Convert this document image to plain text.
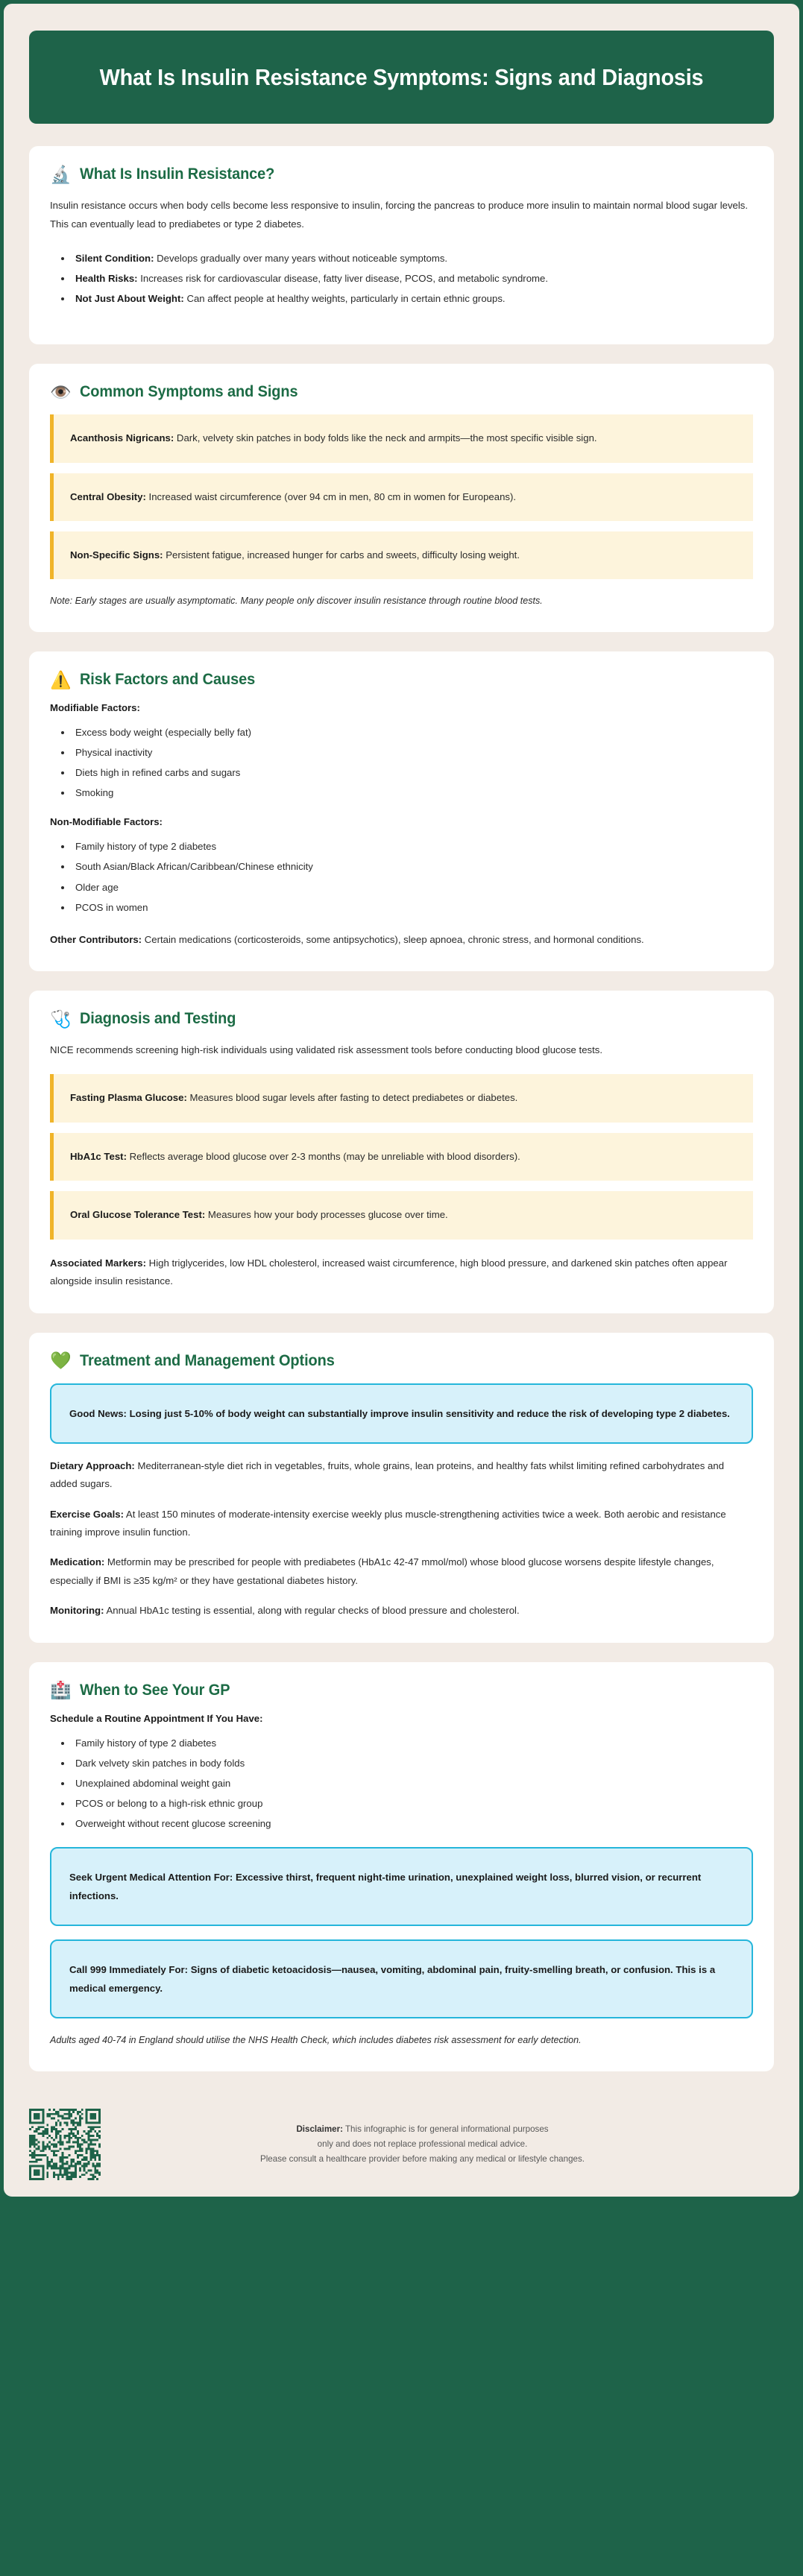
What Is Insulin Resistance Symptoms: Signs and Diagnosis
🔬 What Is Insulin Resistance?

Insulin resistance occurs when body cells become less responsive to insulin, forcing the pancreas to produce more insulin to maintain normal blood sugar levels. This can eventually lead to prediabetes or type 2 diabetes.

• Silent Condition: Develops gradually over many years without noticeable symptoms.
• Health Risks: Increases risk for cardiovascular disease, fatty liver disease, PCOS, and metabolic syndrome.
• Not Just About Weight: Can affect people at healthy weights, particularly in certain ethnic groups.
👁️ Common Symptoms and Signs

Acanthosis Nigricans: Dark, velvety skin patches in body folds like the neck and armpits—the most specific visible sign.

Central Obesity: Increased waist circumference (over 94 cm in men, 80 cm in women for Europeans).

Non-Specific Signs: Persistent fatigue, increased hunger for carbs and sweets, difficulty losing weight.

Note: Early stages are usually asymptomatic. Many people only discover insulin resistance through routine blood tests.

⚠️ Risk Factors and Causes

Modifiable Factors:

• Excess body weight (especially belly fat)
• Physical inactivity
• Diets high in refined carbs and sugars
• Smoking

Non-Modifiable Factors:

• Family history of type 2 diabetes
• South Asian/Black African/Caribbean/Chinese ethnicity
• Older age
• PCOS in women

Other Contributors: Certain medications (corticosteroids, some antipsychotics), sleep apnoea, chronic stress, and hormonal conditions.

🩺 Diagnosis and Testing

NICE recommends screening high-risk individuals using validated risk assessment tools before conducting blood glucose tests.

Fasting Plasma Glucose: Measures blood sugar levels after fasting to detect prediabetes or diabetes.

HbA1c Test: Reflects average blood glucose over 2-3 months (may be unreliable with blood disorders).

Oral Glucose Tolerance Test: Measures how your body processes glucose over time.

Associated Markers: High triglycerides, low HDL cholesterol, increased waist circumference, high blood pressure, and darkened skin patches often appear alongside insulin resistance.

💚 Treatment and Management Options

Good News: Losing just 5-10% of body weight can substantially improve insulin sensitivity and reduce the risk of developing type 2 diabetes.

Dietary Approach: Mediterranean-style diet rich in vegetables, fruits, whole grains, lean proteins, and healthy fats whilst limiting refined carbohydrates and added sugars.

Exercise Goals: At least 150 minutes of moderate-intensity exercise weekly plus muscle-strengthening activities twice a week. Both aerobic and resistance training improve insulin function.

Medication: Metformin may be prescribed for people with prediabetes (HbA1c 42-47 mmol/mol) whose blood glucose worsens despite lifestyle changes, especially if BMI is ≥35 kg/m² or they have gestational diabetes history.

Monitoring: Annual HbA1c testing is essential, along with regular checks of blood pressure and cholesterol.

🏥 When to See Your GP

Schedule a Routine Appointment If You Have:

• Family history of type 2 diabetes
• Dark velvety skin patches in body folds
• Unexplained abdominal weight gain
• PCOS or belong to a high-risk ethnic group
• Overweight without recent glucose screening

Seek Urgent Medical Attention For: Excessive thirst, frequent night-time urination, unexplained weight loss, blurred vision, or recurrent infections.

Call 999 Immediately For: Signs of diabetic ketoacidosis—nausea, vomiting, abdominal pain, fruity-smelling breath, or confusion. This is a medical emergency.

Adults aged 40-74 in England should utilise the NHS Health Check, which includes diabetes risk assessment for early detection.

Disclaimer: This infographic is for general informational purposes
only and does not replace professional medical advice.
Please consult a healthcare provider before making any medical or lifestyle changes.
